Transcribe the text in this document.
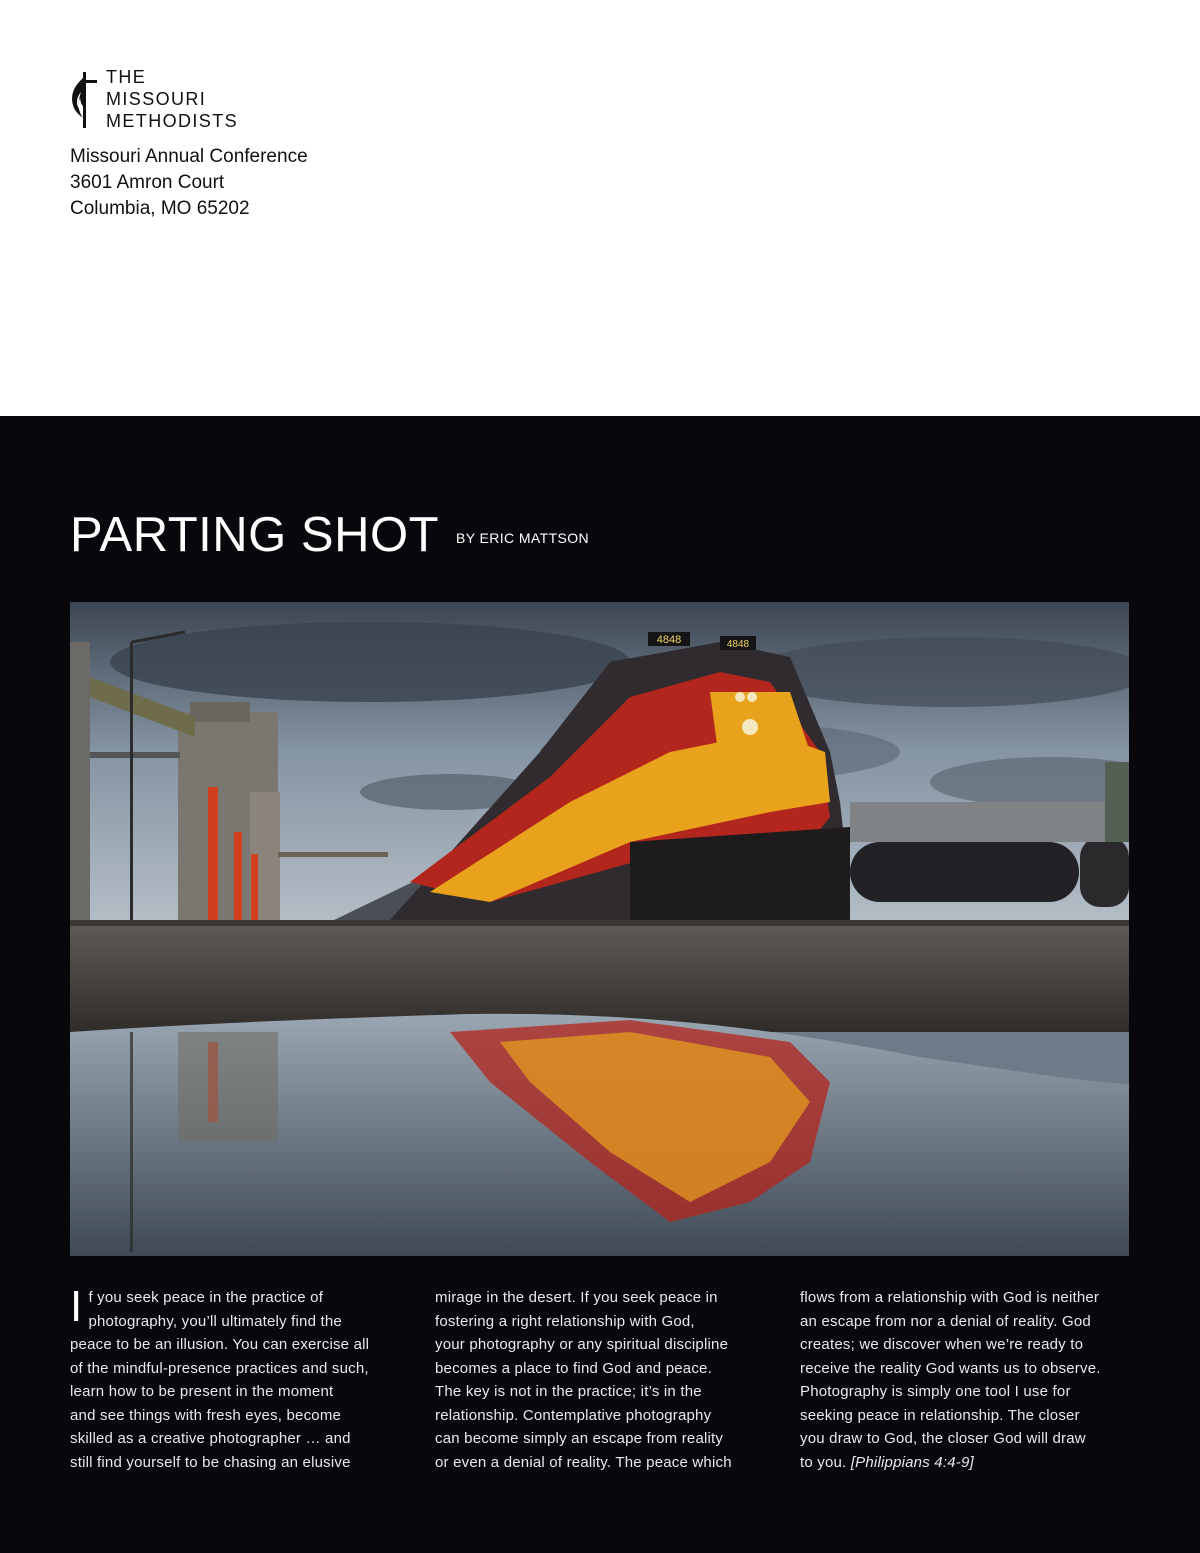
THE
MISSOURI
METHODISTS
Missouri Annual Conference
3601 Amron Court
Columbia, MO 65202
PARTING SHOT BY ERIC MATTSON
4848	4848
I f you seek peace in the practice of
photography, you’ll ultimately find the
peace to be an illusion. You can exercise all
of the mindful-presence practices and such,
learn how to be present in the moment
and see things with fresh eyes, become
skilled as a creative photographer … and
still find yourself to be chasing an elusive
mirage in the desert. If you seek peace in
fostering a right relationship with God,
your photography or any spiritual discipline
becomes a place to find God and peace.
The key is not in the practice; it’s in the
relationship. Contemplative photography
can become simply an escape from reality
or even a denial of reality. The peace which
flows from a relationship with God is neither
an escape from nor a denial of reality. God
creates; we discover when we’re ready to
receive the reality God wants us to observe.
Photography is simply one tool I use for
seeking peace in relationship. The closer
you draw to God, the closer God will draw
to you. [Philippians 4:4-9]
